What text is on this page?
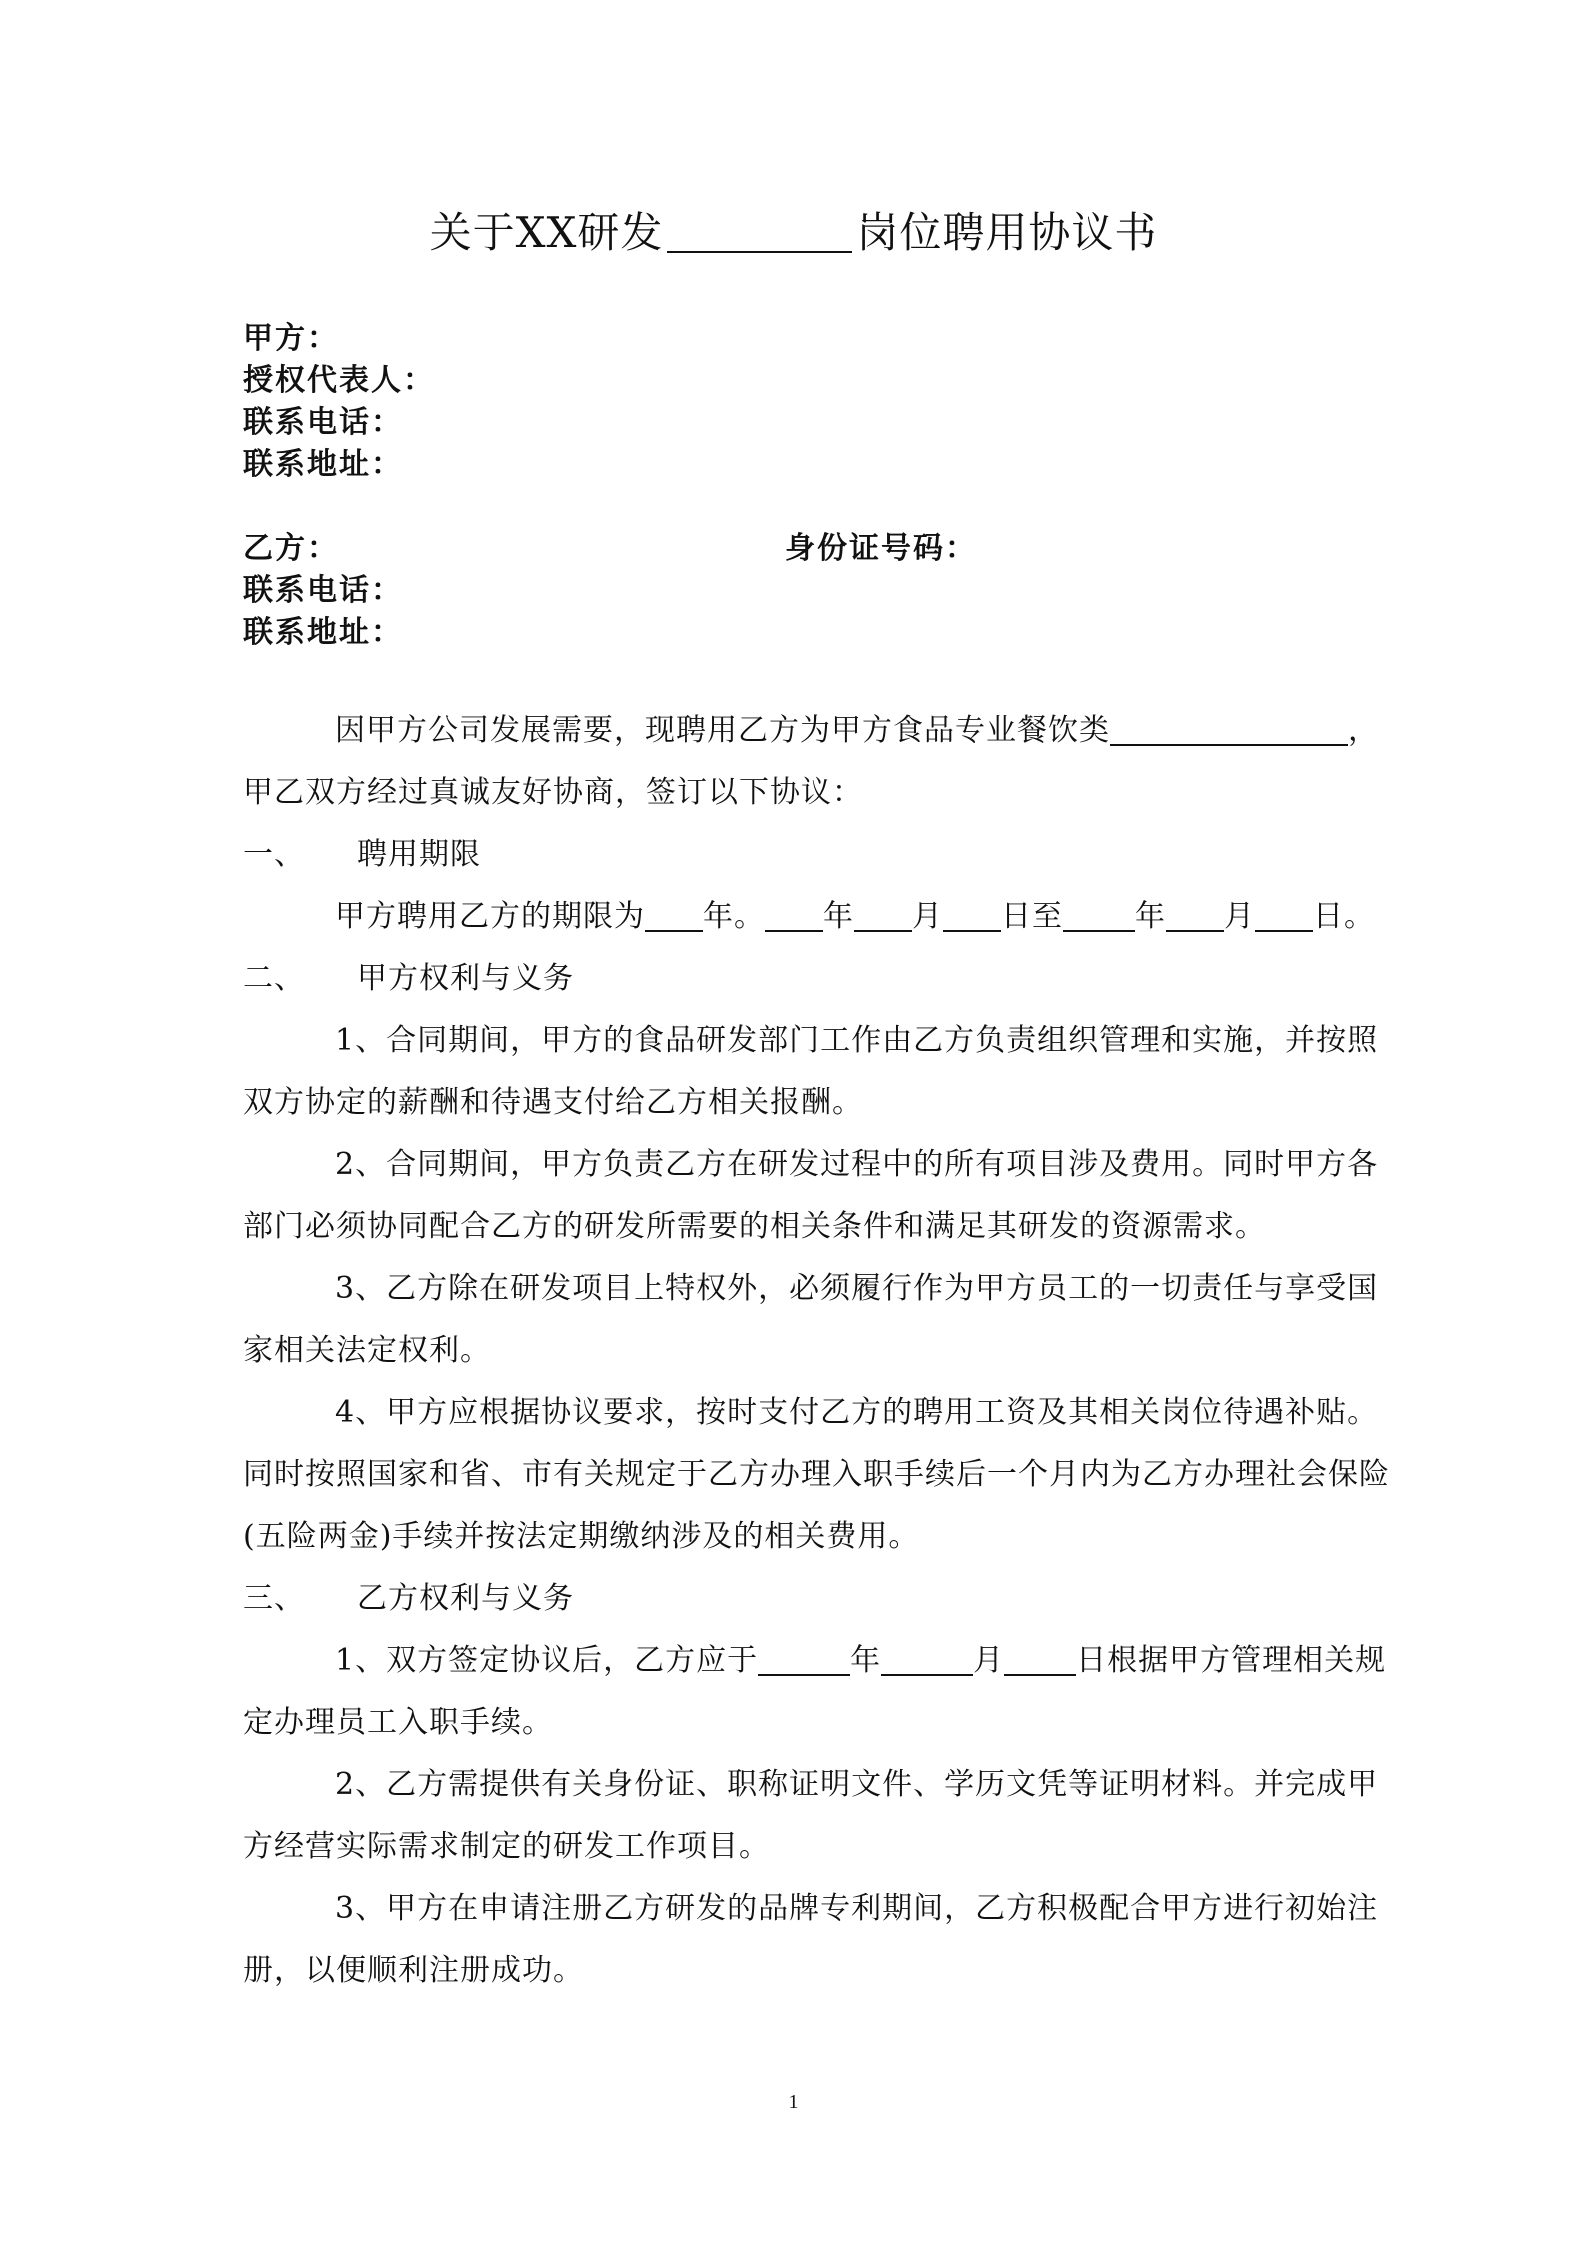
关于XX研发	岗位聘用协议书
甲方：
授权代表人：
联系电话：
联系地址：
乙方：	身份证号码：
联系电话：
联系地址：
因甲方公司发展需要，现聘用乙方为甲方食品专业餐饮类	，
甲乙双方经过真诚友好协商，签订以下协议：
一、 聘用期限
甲方聘用乙方的期限为 年。 年 月 日至 年 月 日。
二、 甲方权利与义务
1、合同期间，甲方的食品研发部门工作由乙方负责组织管理和实施，并按照
双方协定的薪酬和待遇支付给乙方相关报酬。
2、合同期间，甲方负责乙方在研发过程中的所有项目涉及费用。同时甲方各
部门必须协同配合乙方的研发所需要的相关条件和满足其研发的资源需求。
3、乙方除在研发项目上特权外，必须履行作为甲方员工的一切责任与享受国
家相关法定权利。
4、甲方应根据协议要求，按时支付乙方的聘用工资及其相关岗位待遇补贴。
同时按照国家和省、市有关规定于乙方办理入职手续后一个月内为乙方办理社会保险
(五险两金)手续并按法定期缴纳涉及的相关费用。
三、 乙方权利与义务
1、双方签定协议后，乙方应于	年	月 日根据甲方管理相关规
定办理员工入职手续。
2、乙方需提供有关身份证、职称证明文件、学历文凭等证明材料。并完成甲
方经营实际需求制定的研发工作项目。
3、甲方在申请注册乙方研发的品牌专利期间，乙方积极配合甲方进行初始注
册，以便顺利注册成功。
1
